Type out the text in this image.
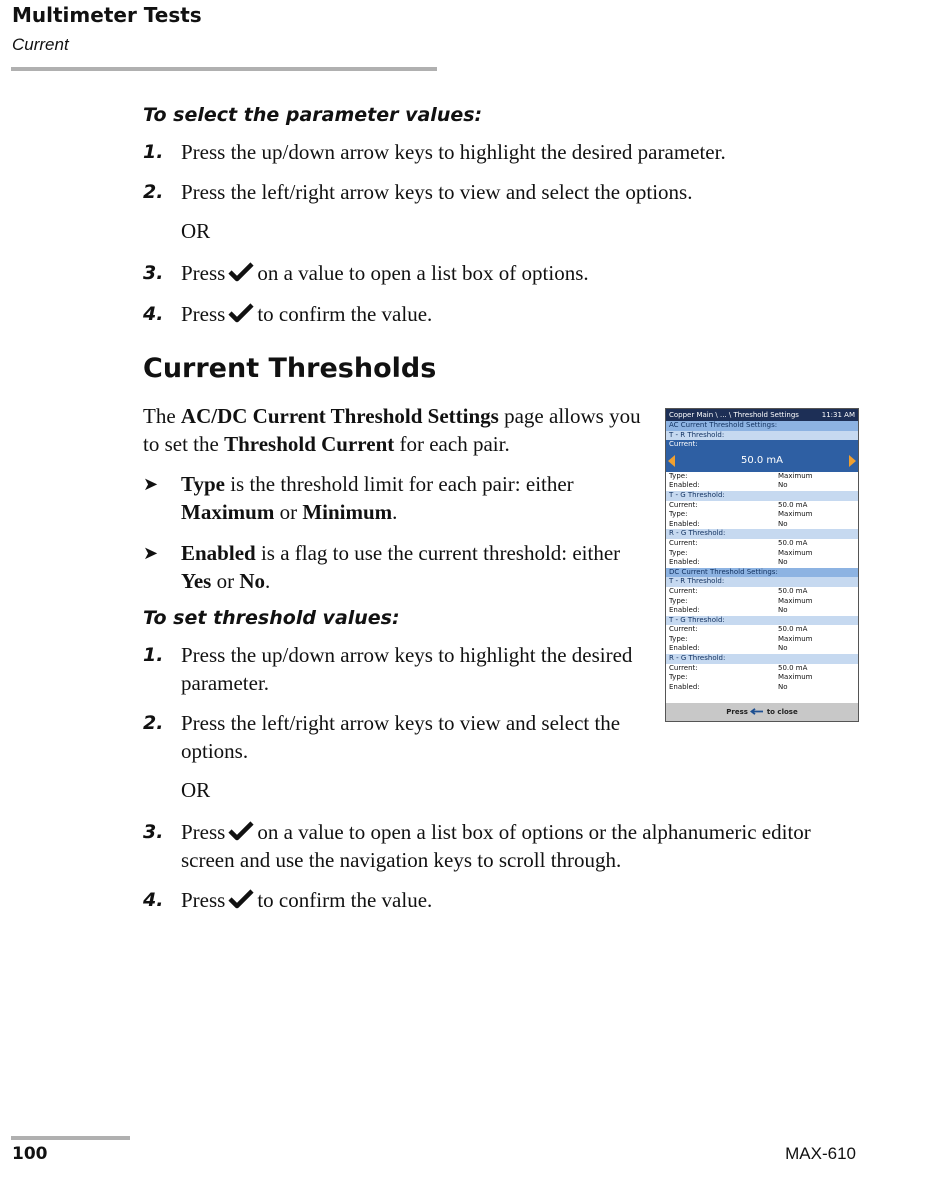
Multimeter Tests
Current
To select the parameter values:
1. Press the up/down arrow keys to highlight the desired parameter.
2. Press the left/right arrow keys to view and select the options.
OR
3. Press on a value to open a list box of options.
4. Press to confirm the value.
Current Thresholds
The AC/DC Current Threshold Settings page allows you to set the Threshold Current for each pair.
➤ Type is the threshold limit for each pair: either Maximum or Minimum.
➤ Enabled is a flag to use the current threshold: either Yes or No.
To set threshold values:
1. Press the up/down arrow keys to highlight the desired parameter.
2. Press the left/right arrow keys to view and select the options.
OR
3. Press on a value to open a list box of options or the alphanumeric editor screen and use the navigation keys to scroll through.
4. Press to confirm the value.
Copper Main \ ... \ Threshold Settings	11:31 AM
AC Current Threshold Settings:
T - R Threshold:
Current:
50.0 mA
Type:	Maximum
Enabled:	No
T - G Threshold:
Current:	50.0 mA
Type:	Maximum
Enabled:	No
R - G Threshold:
Current:	50.0 mA
Type:	Maximum
Enabled:	No
DC Current Threshold Settings:
T - R Threshold:
Current:	50.0 mA
Type:	Maximum
Enabled:	No
T - G Threshold:
Current:	50.0 mA
Type:	Maximum
Enabled:	No
R - G Threshold:
Current:	50.0 mA
Type:	Maximum
Enabled:	No
Press	to close
100	MAX-610
